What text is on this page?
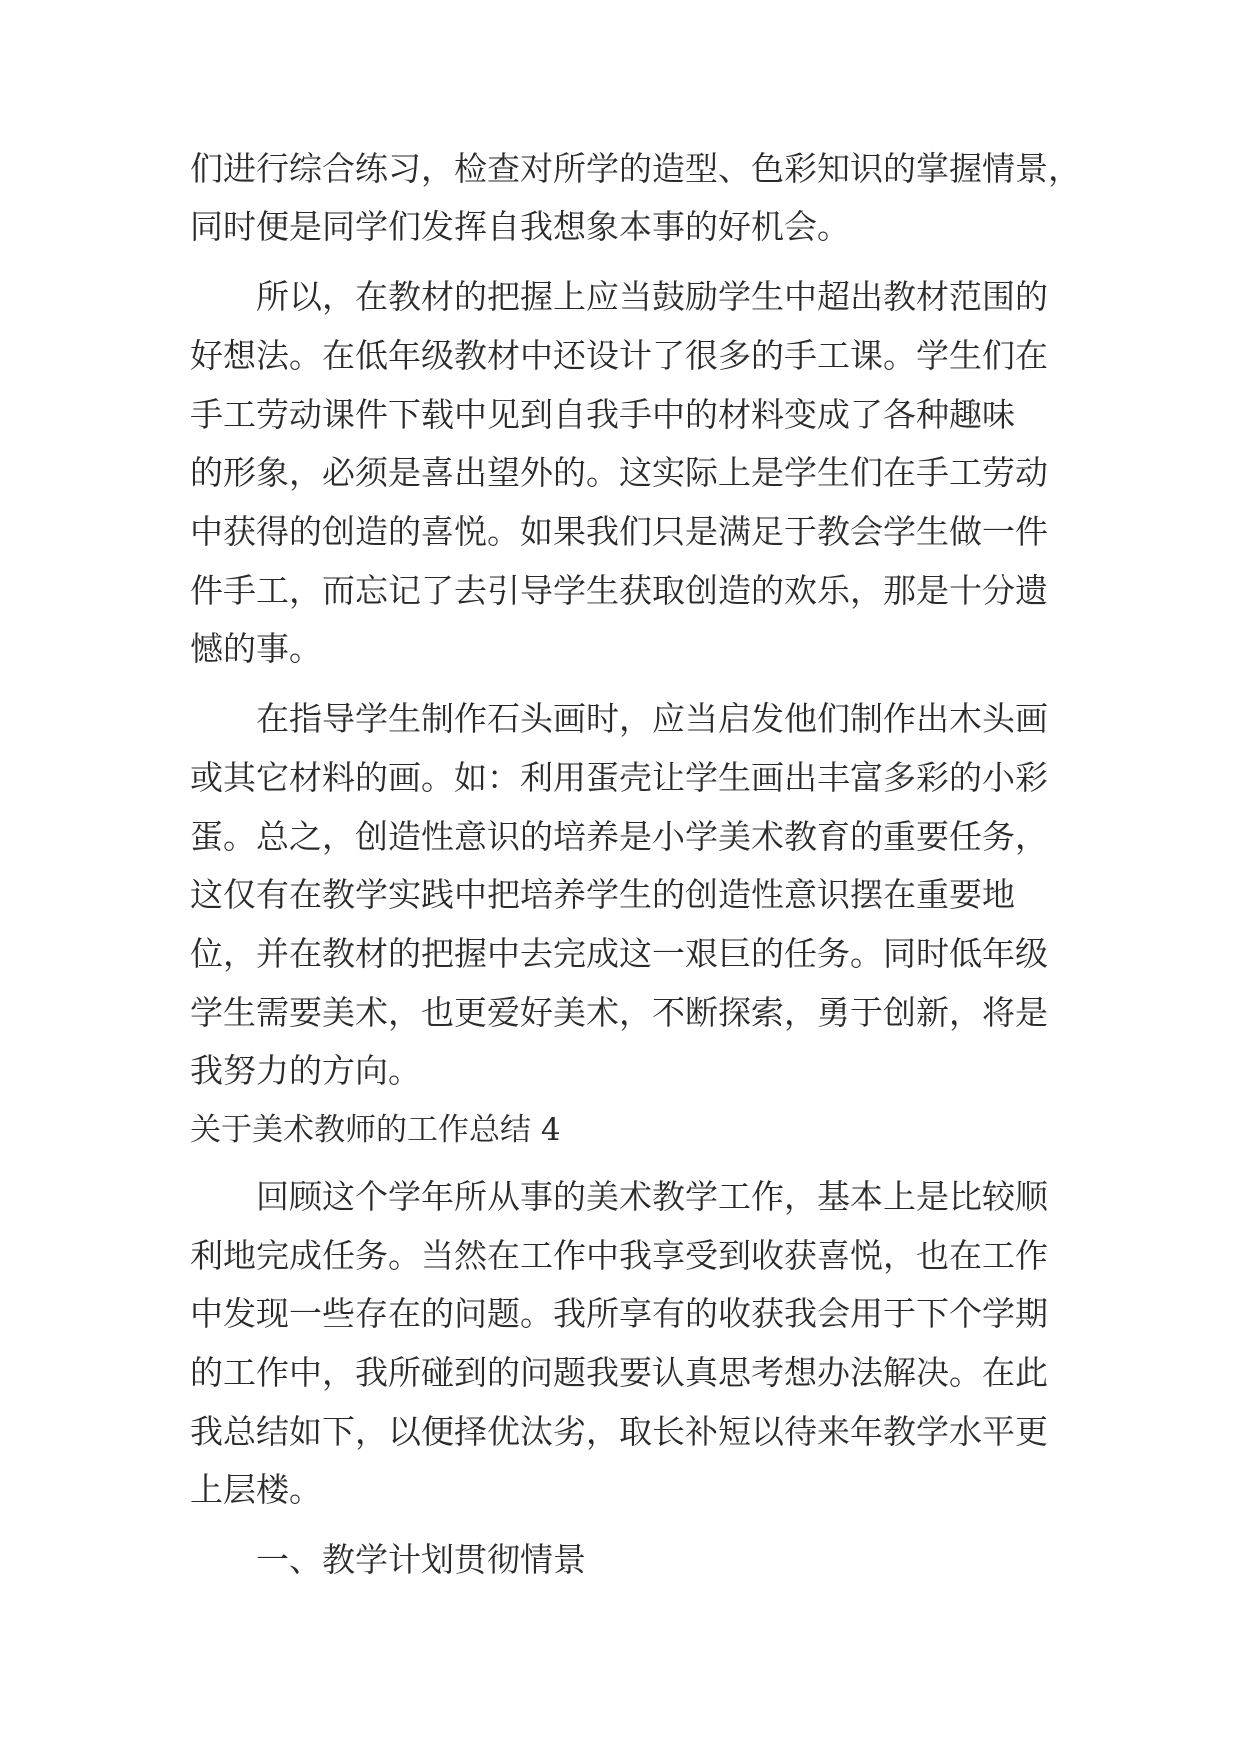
们进行综合练习，检查对所学的造型、色彩知识的掌握情景，
同时便是同学们发挥自我想象本事的好机会。
所以，在教材的把握上应当鼓励学生中超出教材范围的
好想法。在低年级教材中还设计了很多的手工课。学生们在
手工劳动课件下载中见到自我手中的材料变成了各种趣味
的形象，必须是喜出望外的。这实际上是学生们在手工劳动
中获得的创造的喜悦。如果我们只是满足于教会学生做一件
件手工，而忘记了去引导学生获取创造的欢乐，那是十分遗
憾的事。
在指导学生制作石头画时，应当启发他们制作出木头画
或其它材料的画。如：利用蛋壳让学生画出丰富多彩的小彩
蛋。总之，创造性意识的培养是小学美术教育的重要任务，
这仅有在教学实践中把培养学生的创造性意识摆在重要地
位，并在教材的把握中去完成这一艰巨的任务。同时低年级
学生需要美术，也更爱好美术，不断探索，勇于创新，将是
我努力的方向。
关于美术教师的工作总结 4
回顾这个学年所从事的美术教学工作，基本上是比较顺
利地完成任务。当然在工作中我享受到收获喜悦，也在工作
中发现一些存在的问题。我所享有的收获我会用于下个学期
的工作中，我所碰到的问题我要认真思考想办法解决。在此
我总结如下，以便择优汰劣，取长补短以待来年教学水平更
上层楼。
一、教学计划贯彻情景
